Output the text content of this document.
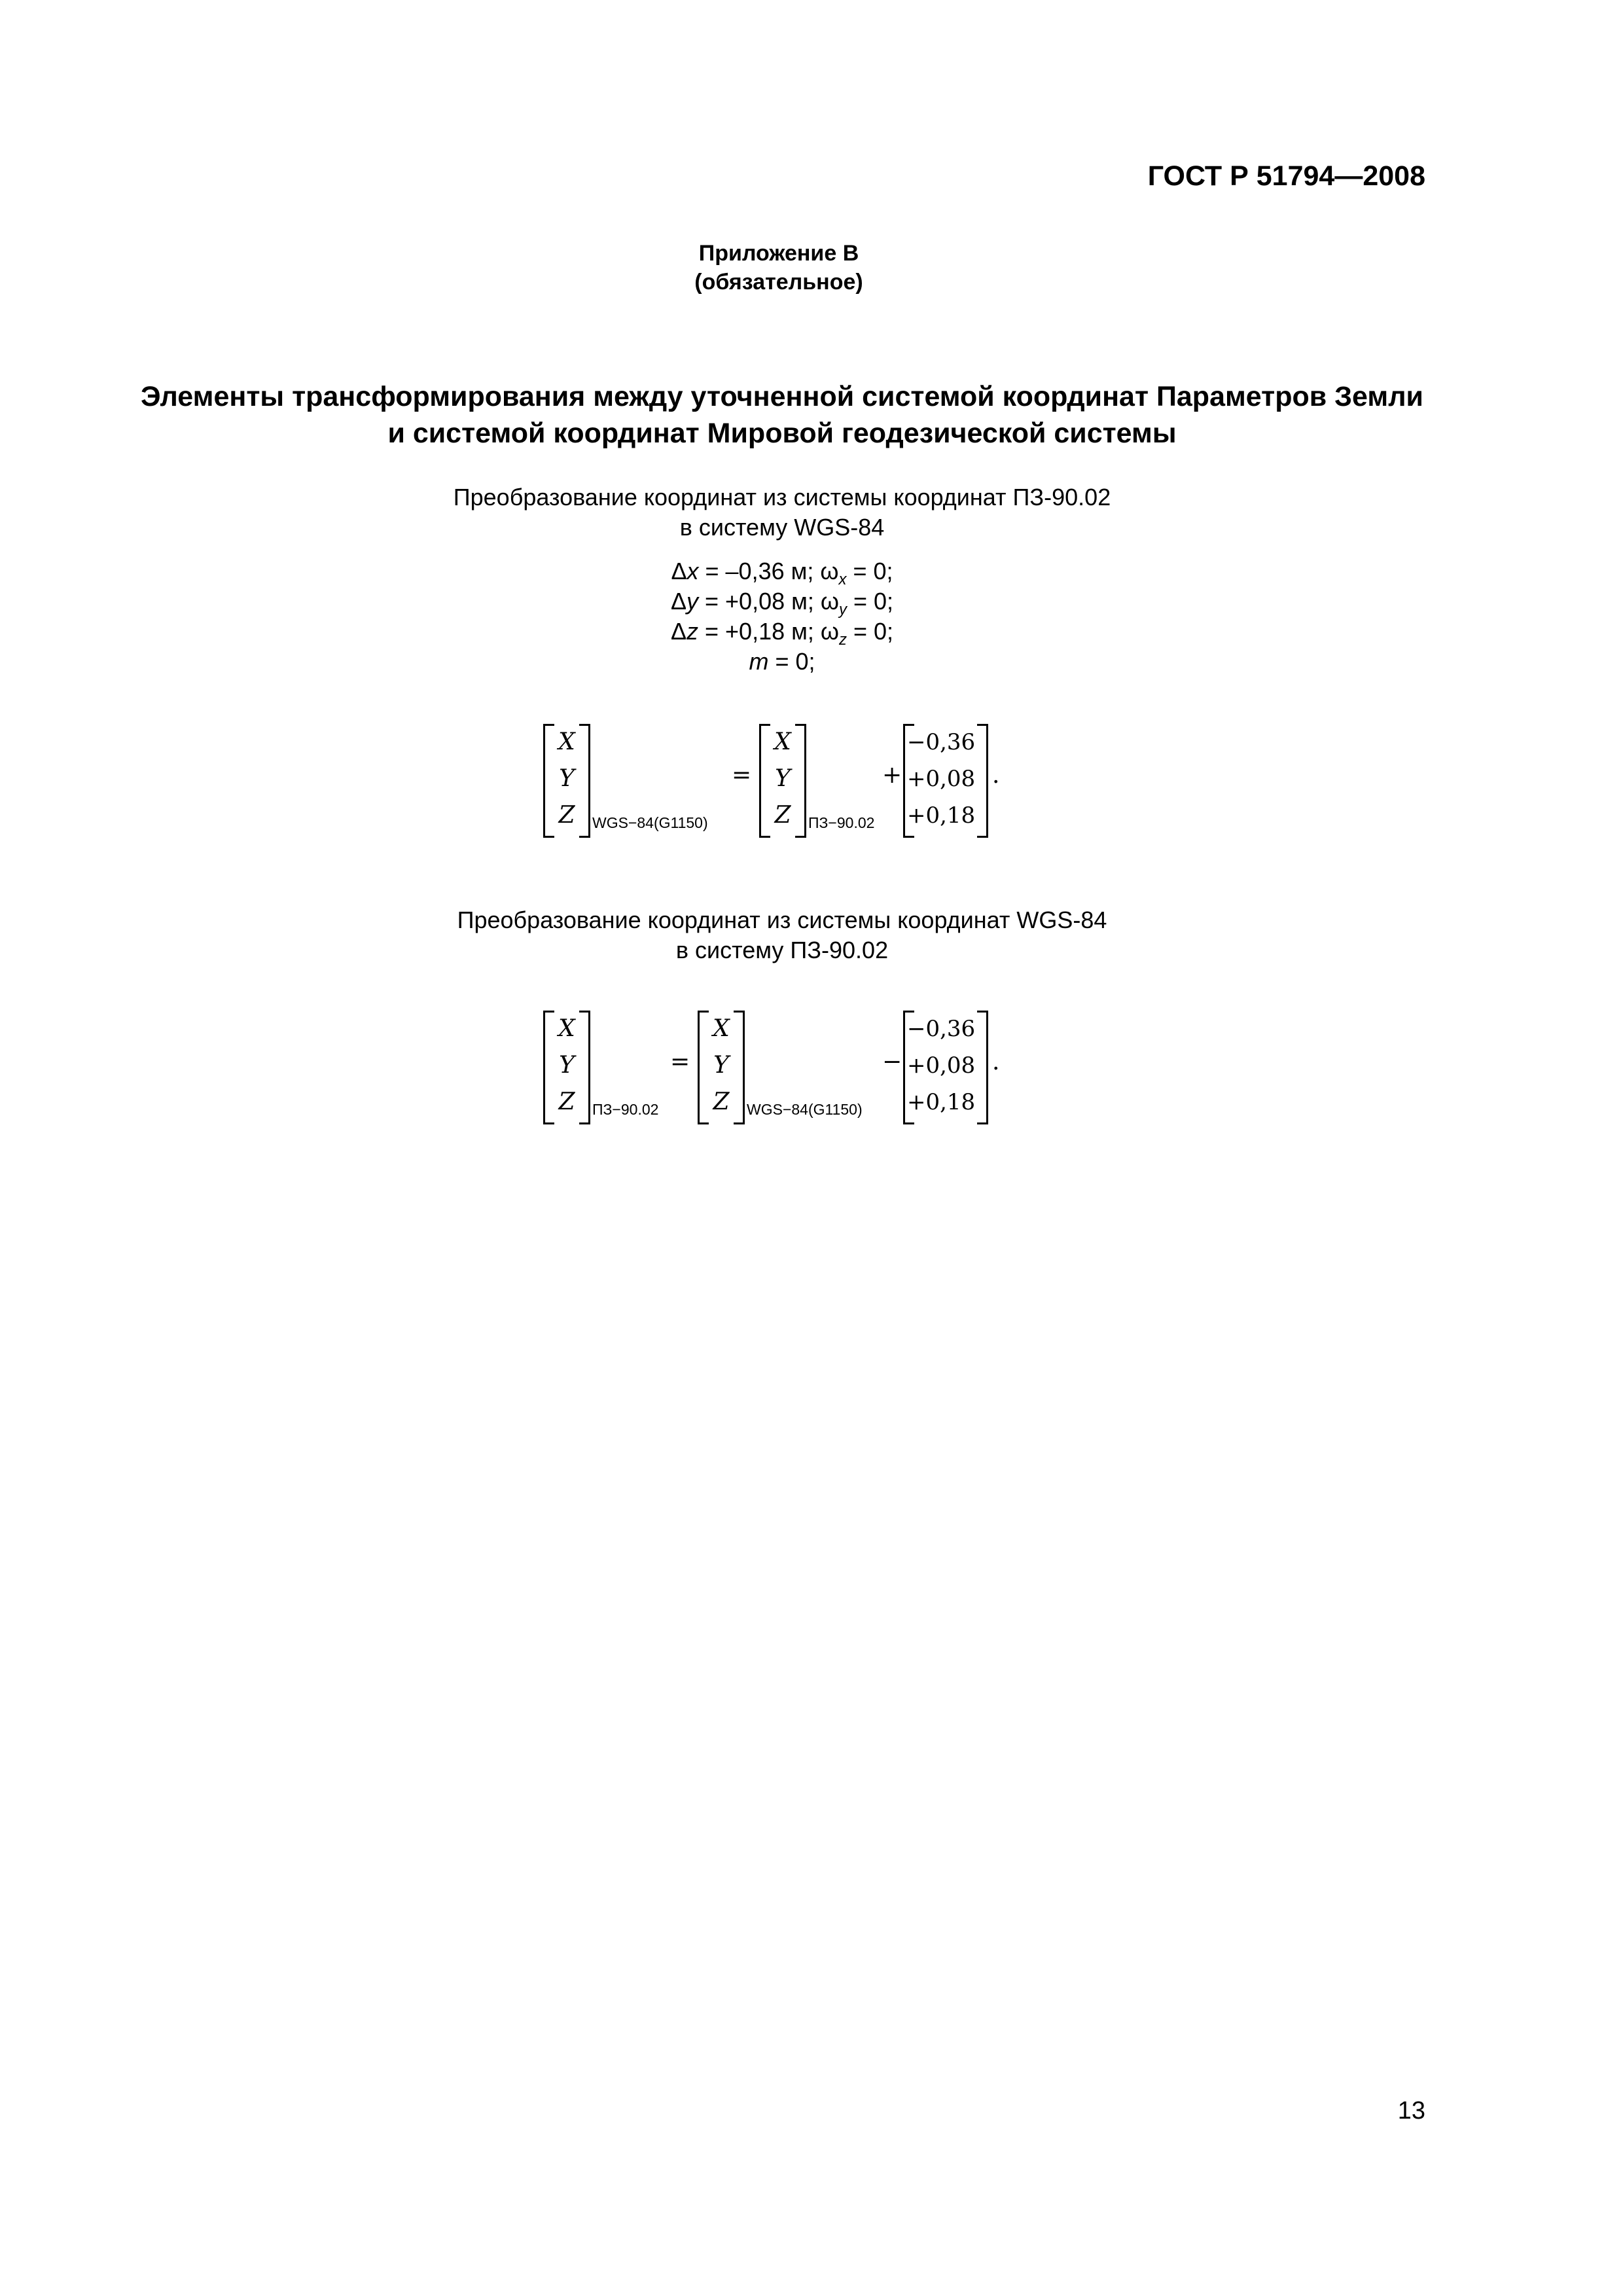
ГОСТ Р 51794—2008
Приложение В
(обязательное)
Элементы трансформирования между уточненной системой координат Параметров Земли
и системой координат Мировой геодезической системы
Преобразование координат из системы координат ПЗ-90.02
в систему WGS-84
Δx = –0,36 м; $\omega_x = 0$;
Δy = +0,08 м; $\omega_y = 0$;
Δz = +0,18 м; $\omega_z = 0$;
m = 0;
X
Y
Z	WGS−84(G1150)
=
X
Y
Z	ПЗ−90.02
+
−0,36
+0,08
+0,18
.
Преобразование координат из системы координат WGS-84
в систему ПЗ-90.02
X
Y
Z	ПЗ−90.02
=
X
Y
Z	WGS−84(G1150)
−
−0,36
+0,08
+0,18
.
13
